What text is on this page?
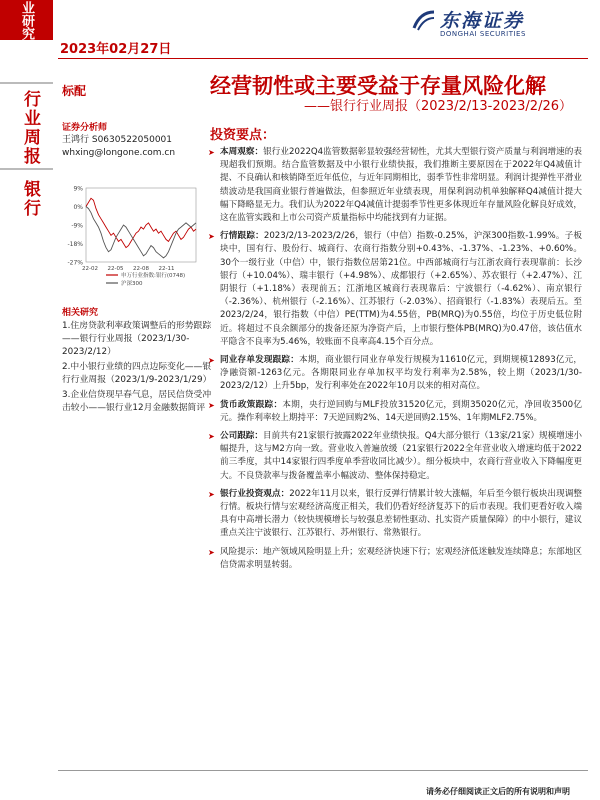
业研究
行业周报
银行
2023年02月27日
东海证券
DONGHAI SECURITIES
经营韧性或主要受益于存量风险化解
——银行行业周报（2023/2/13-2023/2/26）
标配
证券分析师
王鸿行 S0630522050001
whxing@longone.com.cn
9%
0%
-9%
-18%
-27%
22-02 22-05 22-08 22-11
申万行业指数:银行(0748)
沪深300
相关研究
1.住房贷款利率政策调整后的形势跟踪——银行行业周报（2023/1/30-2023/2/12）
2.中小银行业绩的四点边际变化——银行行业周报（2023/1/9-2023/1/29）
3.企业信贷现早春气息，居民信贷受冲击较小——银行业12月金融数据简评
投资要点：
➤ 本周观察：银行业2022Q4监管数据彰显较强经营韧性，尤其大型银行资产质量与利润增速的表现超我们预期。结合监管数据及中小银行业绩快报，我们推断主要原因在于2022年Q4减值计提、不良确认和核销降至近年低位，与近年同期相比，弱季节性非常明显。利润计提弹性平滑业绩波动是我国商业银行普遍做法，但参照近年业绩表现，用保利润动机单独解释Q4减值计提大幅下降略显无力。我们认为2022年Q4减值计提弱季节性更多体现近年存量风险化解良好成效，这在监管实践和上市公司资产质量指标中均能找到有力证据。
➤ 行情跟踪：2023/2/13-2023/2/26，银行（中信）指数-0.25%，沪深300指数-1.99%。子板块中，国有行、股份行、城商行、农商行指数分别+0.43%、-1.37%、-1.23%、+0.60%。30个一级行业（中信）中，银行指数位居第21位。中西部城商行与江浙农商行表现靠前：长沙银行（+10.04%）、瑞丰银行（+4.98%）、成都银行（+2.65%）、苏农银行（+2.47%）、江阴银行（+1.18%）表现前五；江浙地区城商行表现靠后：宁波银行（-4.62%）、南京银行（-2.36%）、杭州银行（-2.16%）、江苏银行（-2.03%）、招商银行（-1.83%）表现后五。至2023/2/24，银行指数（中信）PE(TTM)为4.55倍，PB(MRQ)为0.55倍，均位于历史低位附近。将超过不良余额部分的拨备还原为净资产后，上市银行整体PB(MRQ)为0.47倍，该估值水平隐含不良率为5.46%，较账面不良率高4.15个百分点。
➤ 同业存单发现跟踪：本期，商业银行同业存单发行规模为11610亿元，到期规模12893亿元，净融资额-1263亿元。各期限同业存单加权平均发行利率为2.58%，较上期（2023/1/30-2023/2/12）上升5bp，发行利率处在2022年10月以来的相对高位。
➤ 货币政策跟踪：本期，央行逆回购与MLF投放31520亿元，到期35020亿元，净回收3500亿元。操作利率较上期持平：7天逆回购2%、14天逆回购2.15%、1年期MLF2.75%。
➤ 公司跟踪：目前共有21家银行披露2022年业绩快报。Q4大部分银行（13家/21家）规模增速小幅提升，这与M2方向一致。营业收入普遍放缓（21家银行2022全年营业收入增速均低于2022前三季度，其中14家银行四季度单季营收同比减少）。细分板块中，农商行营业收入下降幅度更大。不良贷款率与拨备覆盖率小幅波动、整体保持稳定。
➤ 银行业投资观点：2022年11月以来，银行反弹行情累计较大涨幅，年后至今银行板块出现调整行情。板块行情与宏观经济高度正相关，我们仍看好经济复苏下的后市表现。我们更看好收入端具有中高增长潜力（较快规模增长与较强息差韧性驱动、扎实资产质量保障）的中小银行，建议重点关注宁波银行、江苏银行、苏州银行、常熟银行。
➤ 风险提示：地产领域风险明显上升；宏观经济快速下行；宏观经济低迷触发连续降息；东部地区信贷需求明显转弱。
请务必仔细阅读正文后的所有说明和声明
